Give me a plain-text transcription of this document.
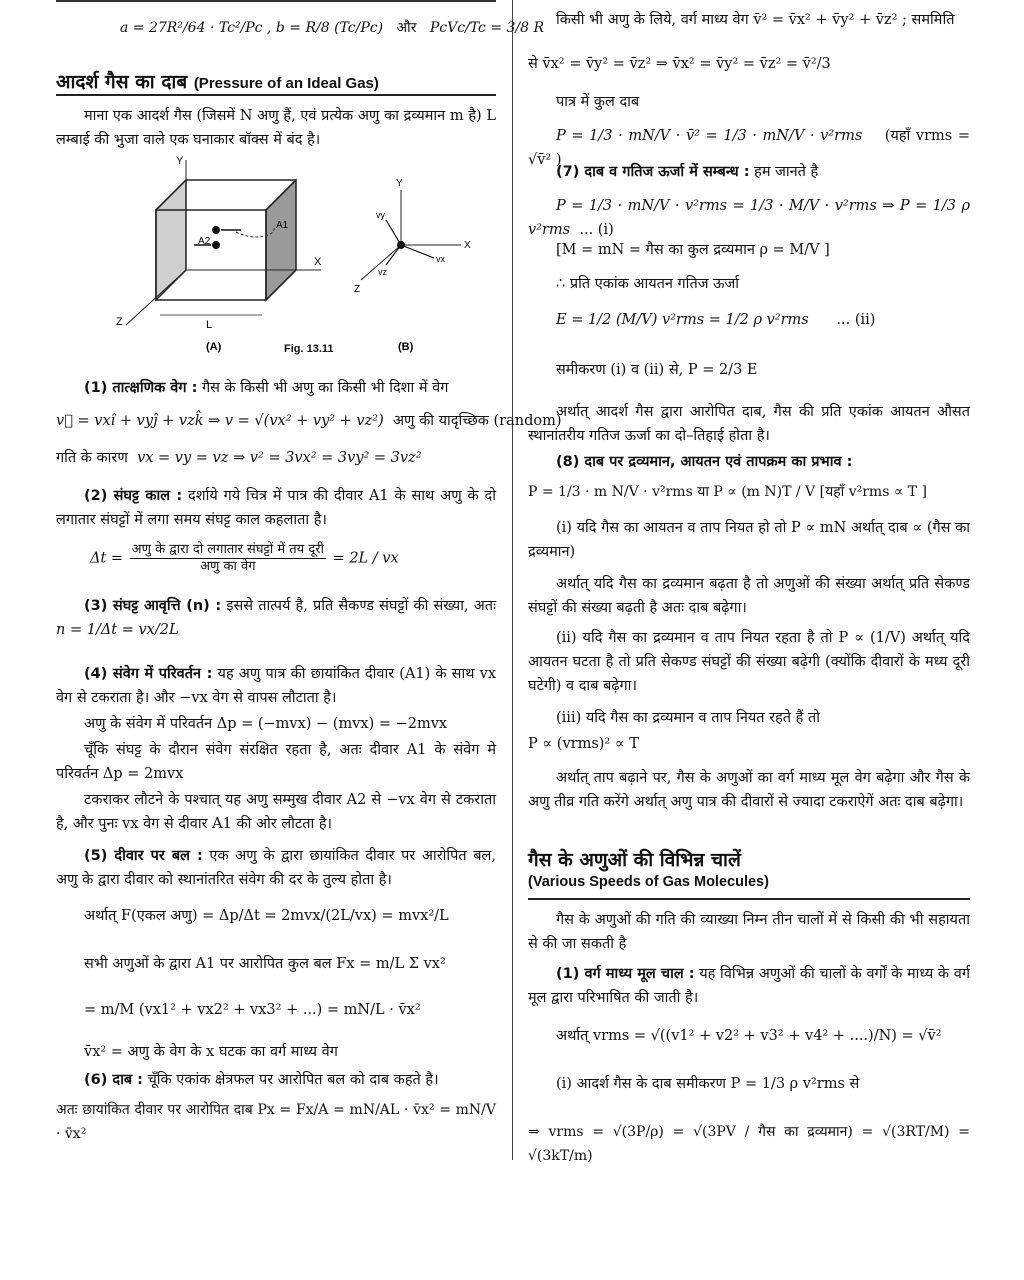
a = 27R²/64 · Tc²/Pc , b = R/8 (Tc/Pc) और PcVc/Tc = 3/8 R
आदर्श गैस का दाब (Pressure of an Ideal Gas)
माना एक आदर्श गैस (जिसमें N अणु हैं, एवं प्रत्येक अणु का द्रव्यमान m है) L लम्बाई की भुजा वाले एक घनाकार बॉक्स में बंद है।
Y
X
Z
A2
A1
L
(A)
Y
X
Z
vy
vx
vz
(B)
Fig. 13.11
(1) तात्क्षणिक वेग : गैस के किसी भी अणु का किसी भी दिशा में वेग
v⃗ = vxî + vyĵ + vzk̂ ⇒ v = √(vx² + vy² + vz²) अणु की यादृच्छिक (random)
गति के कारण vx = vy = vz ⇒ v² = 3vx² = 3vy² = 3vz²
(2) संघट्ट काल : दर्शाये गये चित्र में पात्र की दीवार A1 के साथ अणु के दो लगातार संघट्टों में लगा समय संघट्ट काल कहलाता है।
$\Delta t = \frac{\text{अणु के द्वारा दो लगातार संघट्टों में तय दूरी}}{\text{अणु का वेग}} = 2L$ / vx
(3) संघट्ट आवृत्ति (n) : इससे तात्पर्य है, प्रति सैकण्ड संघट्टों की संख्या, अतः n = 1/Δt = vx/2L
(4) संवेग में परिवर्तन : यह अणु पात्र की छायांकित दीवार (A1) के साथ vx वेग से टकराता है। और −vx वेग से वापस लौटाता है।
अणु के संवेग में परिवर्तन Δp = (−mvx) − (mvx) = −2mvx
चूँकि संघट्ट के दौरान संवेग संरक्षित रहता है, अतः दीवार A1 के संवेग मे परिवर्तन Δp = 2mvx
टकराकर लौटने के पश्चात् यह अणु सम्मुख दीवार A2 से −vx वेग से टकराता है, और पुनः vx वेग से दीवार A1 की ओर लौटता है।
(5) दीवार पर बल : एक अणु के द्वारा छायांकित दीवार पर आरोपित बल, अणु के द्वारा दीवार को स्थानांतरित संवेग की दर के तुल्य होता है।
अर्थात् F(एकल अणु) = Δp/Δt = 2mvx/(2L/vx) = mvx²/L
सभी अणुओं के द्वारा A1 पर आरोपित कुल बल Fx = m/L Σ vx²
= m/M (vx1² + vx2² + vx3² + ...) = mN/L · v̄x²
v̄x² = अणु के वेग के x घटक का वर्ग माध्य वेग
(6) दाब : चूँकि एकांक क्षेत्रफल पर आरोपित बल को दाब कहते है।
अतः छायांकित दीवार पर आरोपित दाब Px = Fx/A = mN/AL · v̄x² = mN/V · v̄x²
किसी भी अणु के लिये, वर्ग माध्य वेग v̄² = v̄x² + v̄y² + v̄z² ; सममिति
से v̄x² = v̄y² = v̄z² ⇒ v̄x² = v̄y² = v̄z² = v̄²/3
पात्र में कुल दाब
P = 1/3 · mN/V · v̄² = 1/3 · mN/V · v²rms (यहाँ vrms = √v̄² )
(7) दाब व गतिज ऊर्जा में सम्बन्ध : हम जानते है
P = 1/3 · mN/V · v²rms = 1/3 · M/V · v²rms ⇒ P = 1/3 ρ v²rms ... (i)
[M = mN = गैस का कुल द्रव्यमान ρ = M/V ]
∴ प्रति एकांक आयतन गतिज ऊर्जा
E = 1/2 (M/V) v²rms = 1/2 ρ v²rms ... (ii)
समीकरण (i) व (ii) से, P = 2/3 E
अर्थात् आदर्श गैस द्वारा आरोपित दाब, गैस की प्रति एकांक आयतन औसत स्थानांतरीय गतिज ऊर्जा का दो–तिहाई होता है।
(8) दाब पर द्रव्यमान, आयतन एवं तापक्रम का प्रभाव :
P = 1/3 · m N/V · v²rms या P ∝ (m N)T / V [यहाँ v²rms ∝ T ]
(i) यदि गैस का आयतन व ताप नियत हो तो P ∝ mN अर्थात् दाब ∝ (गैस का द्रव्यमान)
अर्थात् यदि गैस का द्रव्यमान बढ़ता है तो अणुओं की संख्या अर्थात् प्रति सेकण्ड संघट्टों की संख्या बढ़ती है अतः दाब बढ़ेगा।
(ii) यदि गैस का द्रव्यमान व ताप नियत रहता है तो P ∝ (1/V) अर्थात् यदि आयतन घटता है तो प्रति सेकण्ड संघट्टों की संख्या बढ़ेगी (क्योंकि दीवारों के मध्य दूरी घटेगी) व दाब बढ़ेगा।
(iii) यदि गैस का द्रव्यमान व ताप नियत रहते हैं तो
P ∝ (vrms)² ∝ T
अर्थात् ताप बढ़ाने पर, गैस के अणुओं का वर्ग माध्य मूल वेग बढ़ेगा और गैस के अणु तीव्र गति करेंगे अर्थात् अणु पात्र की दीवारों से ज्यादा टकराऐगें अतः दाब बढ़ेगा।
गैस के अणुओं की विभिन्न चालें
(Various Speeds of Gas Molecules)
गैस के अणुओं की गति की व्याख्या निम्न तीन चालों में से किसी की भी सहायता से की जा सकती है
(1) वर्ग माध्य मूल चाल : यह विभिन्न अणुओं की चालों के वर्गों के माध्य के वर्ग मूल द्वारा परिभाषित की जाती है।
अर्थात् vrms = √((v1² + v2² + v3² + v4² + ....)/N) = √v̄²
(i) आदर्श गैस के दाब समीकरण P = 1/3 ρ v²rms से
⇒ vrms = √(3P/ρ) = √(3PV / गैस का द्रव्यमान) = √(3RT/M) = √(3kT/m)
